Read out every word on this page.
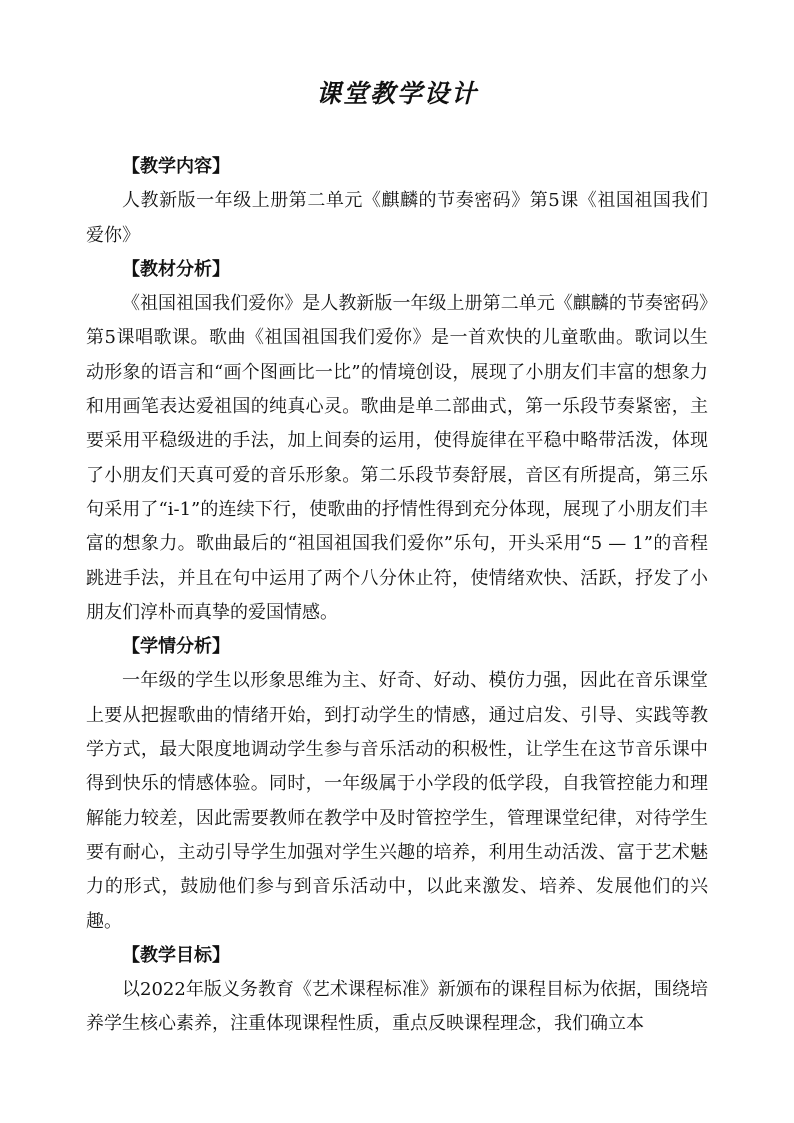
课堂教学设计

【教学内容】

人教新版一年级上册第二单元《麒麟的节奏密码》第5课《祖国祖国我们爱你》

【教材分析】

《祖国祖国我们爱你》是人教新版一年级上册第二单元《麒麟的节奏密码》第5课唱歌课。歌曲《祖国祖国我们爱你》是一首欢快的儿童歌曲。歌词以生动形象的语言和“画个图画比一比”的情境创设，展现了小朋友们丰富的想象力和用画笔表达爱祖国的纯真心灵。歌曲是单二部曲式，第一乐段节奏紧密，主要采用平稳级进的手法，加上间奏的运用，使得旋律在平稳中略带活泼，体现了小朋友们天真可爱的音乐形象。第二乐段节奏舒展，音区有所提高，第三乐句采用了“i-1”的连续下行，使歌曲的抒情性得到充分体现，展现了小朋友们丰富的想象力。歌曲最后的“祖国祖国我们爱你”乐句，开头采用“5 — 1”的音程跳进手法，并且在句中运用了两个八分休止符，使情绪欢快、活跃，抒发了小朋友们淳朴而真挚的爱国情感。

【学情分析】

一年级的学生以形象思维为主、好奇、好动、模仿力强，因此在音乐课堂上要从把握歌曲的情绪开始，到打动学生的情感，通过启发、引导、实践等教学方式，最大限度地调动学生参与音乐活动的积极性，让学生在这节音乐课中得到快乐的情感体验。同时，一年级属于小学段的低学段，自我管控能力和理解能力较差，因此需要教师在教学中及时管控学生，管理课堂纪律，对待学生要有耐心，主动引导学生加强对学生兴趣的培养，利用生动活泼、富于艺术魅力的形式，鼓励他们参与到音乐活动中，以此来激发、培养、发展他们的兴趣。

【教学目标】

以2022年版义务教育《艺术课程标准》新颁布的课程目标为依据，围绕培养学生核心素养，注重体现课程性质，重点反映课程理念，我们确立本
